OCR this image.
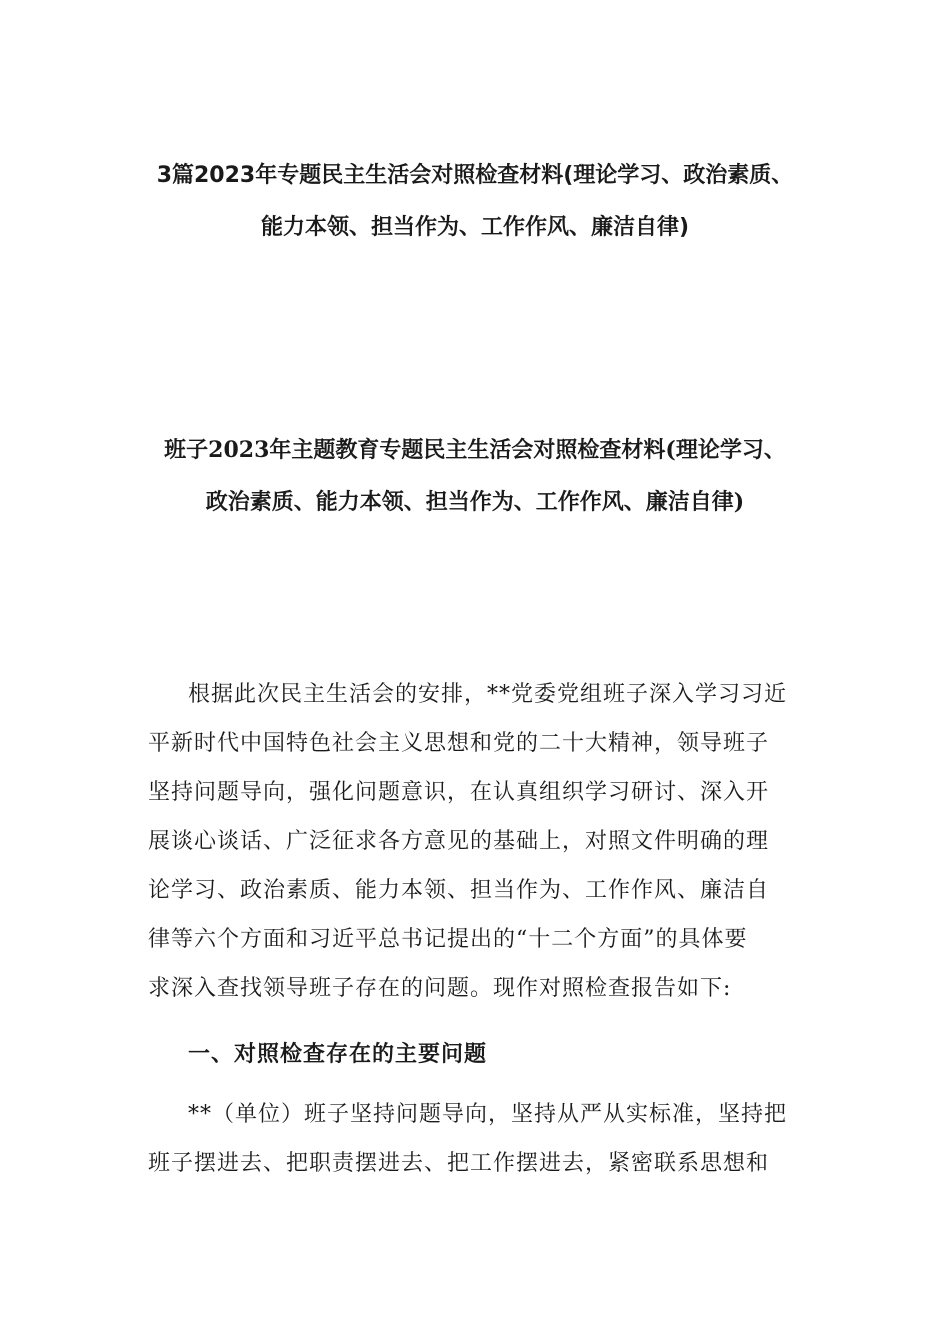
3篇2023年专题民主生活会对照检查材料(理论学习、政治素质、
能力本领、担当作为、工作作风、廉洁自律)
班子2023年主题教育专题民主生活会对照检查材料(理论学习、
政治素质、能力本领、担当作为、工作作风、廉洁自律)
根据此次民主生活会的安排，**党委党组班子深入学习习近
平新时代中国特色社会主义思想和党的二十大精神，领导班子
坚持问题导向，强化问题意识，在认真组织学习研讨、深入开
展谈心谈话、广泛征求各方意见的基础上，对照文件明确的理
论学习、政治素质、能力本领、担当作为、工作作风、廉洁自
律等六个方面和习近平总书记提出的“十二个方面”的具体要
求深入查找领导班子存在的问题。现作对照检查报告如下:
一、对照检查存在的主要问题
**（单位）班子坚持问题导向，坚持从严从实标准，坚持把
班子摆进去、把职责摆进去、把工作摆进去，紧密联系思想和
